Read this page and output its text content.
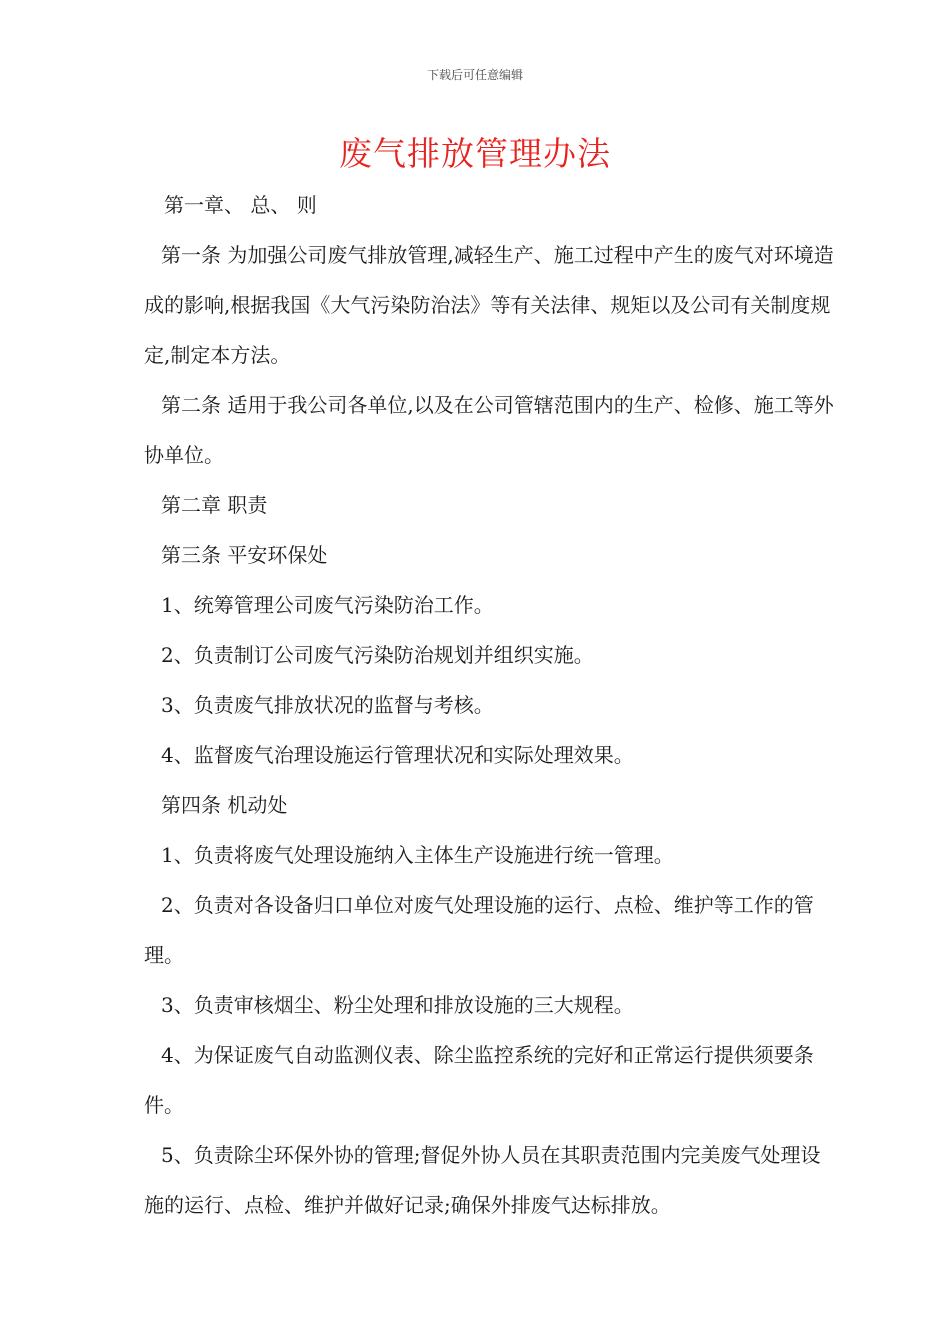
下载后可任意编辑
废气排放管理办法

第一章、 总、 则

第一条 为加强公司废气排放管理,减轻生产、施工过程中产生的废气对环境造成的影响,根据我国《大气污染防治法》等有关法律、规矩以及公司有关制度规定,制定本方法。

第二条 适用于我公司各单位,以及在公司管辖范围内的生产、检修、施工等外协单位。

第二章 职责

第三条 平安环保处

1、统筹管理公司废气污染防治工作。

2、负责制订公司废气污染防治规划并组织实施。

3、负责废气排放状况的监督与考核。

4、监督废气治理设施运行管理状况和实际处理效果。

第四条 机动处

1、负责将废气处理设施纳入主体生产设施进行统一管理。

2、负责对各设备归口单位对废气处理设施的运行、点检、维护等工作的管理。

3、负责审核烟尘、粉尘处理和排放设施的三大规程。

4、为保证废气自动监测仪表、除尘监控系统的完好和正常运行提供须要条件。

5、负责除尘环保外协的管理;督促外协人员在其职责范围内完美废气处理设施的运行、点检、维护并做好记录;确保外排废气达标排放。
